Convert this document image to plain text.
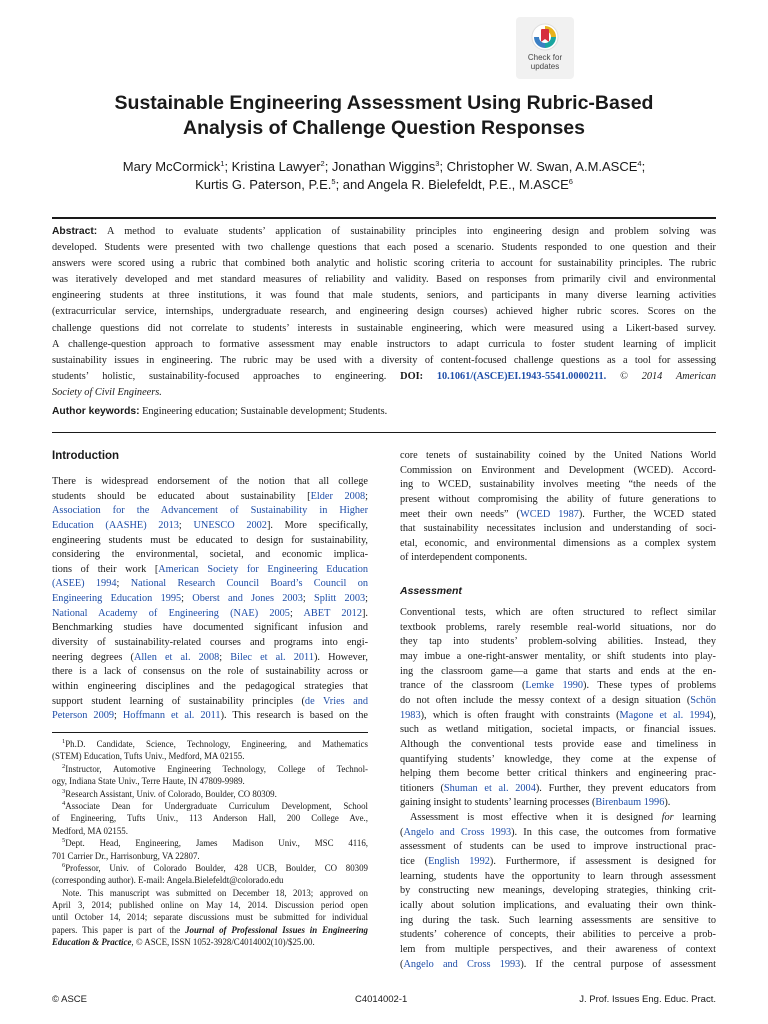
Check for
updates
Sustainable Engineering Assessment Using Rubric-Based
Analysis of Challenge Question Responses
Mary McCormick$^1$; Kristina Lawyer$^2$; Jonathan Wiggins$^3$; Christopher W. Swan, A.M.ASCE$^4$;
Kurtis G. Paterson, P.E.$^5$; and Angela R. Bielefeldt, P.E., M.ASCE$^6$
Abstract: A method to evaluate students’ application of sustainability principles into engineering design and problem solving was
developed. Students were presented with two challenge questions that each posed a scenario. Students responded to one question and their
answers were scored using a rubric that combined both analytic and holistic scoring criteria to account for sustainability principles. The rubric
was iteratively developed and met standard measures of reliability and validity. Based on responses from primarily civil and environmental
engineering students at three institutions, it was found that male students, seniors, and participants in many diverse learning activities
(extracurricular service, internships, undergraduate research, and engineering design courses) achieved higher rubric scores. Scores on the
challenge questions did not correlate to students’ interests in sustainable engineering, which were measured using a Likert-based survey.
A challenge-question approach to formative assessment may enable instructors to adapt curricula to foster student learning of implicit
sustainability issues in engineering. The rubric may be used with a diversity of content-focused challenge questions as a tool for assessing
students’ holistic, sustainability-focused approaches to engineering. DOI: 10.1061/(ASCE)EI.1943-5541.0000211. © 2014 American
Society of Civil Engineers.
Author keywords: Engineering education; Sustainable development; Students.
Introduction
There is widespread endorsement of the notion that all college
students should be educated about sustainability [Elder 2008;
Association for the Advancement of Sustainability in Higher
Education (AASHE) 2013; UNESCO 2002]. More specifically,
engineering students must be educated to design for sustainability,
considering the environmental, societal, and economic implica-
tions of their work [American Society for Engineering Education
(ASEE) 1994; National Research Council Board’s Council on
Engineering Education 1995; Oberst and Jones 2003; Splitt 2003;
National Academy of Engineering (NAE) 2005; ABET 2012].
Benchmarking studies have documented significant infusion and
diversity of sustainability-related courses and programs into engi-
neering degrees (Allen et al. 2008; Bilec et al. 2011). However,
there is a lack of consensus on the role of sustainability across or
within engineering disciplines and the pedagogical strategies that
support student learning of sustainability principles (de Vries and
Peterson 2009; Hoffmann et al. 2011). This research is based on the
$^1$Ph.D. Candidate, Science, Technology, Engineering, and Mathematics
(STEM) Education, Tufts Univ., Medford, MA 02155.
$^2$Instructor, Automotive Engineering Technology, College of Technol-
ogy, Indiana State Univ., Terre Haute, IN 47809-9989.
$^3$Research Assistant, Univ. of Colorado, Boulder, CO 80309.
$^4$Associate Dean for Undergraduate Curriculum Development, School
of Engineering, Tufts Univ., 113 Anderson Hall, 200 College Ave.,
Medford, MA 02155.
$^5$Dept. Head, Engineering, James Madison Univ., MSC 4116,
701 Carrier Dr., Harrisonburg, VA 22807.
$^6$Professor, Univ. of Colorado Boulder, 428 UCB, Boulder, CO 80309
(corresponding author). E-mail: Angela.Bielefeldt@colorado.edu
Note. This manuscript was submitted on December 18, 2013; approved on
April 3, 2014; published online on May 14, 2014. Discussion period open
until October 14, 2014; separate discussions must be submitted for individual
papers. This paper is part of the Journal of Professional Issues in Engineering
Education & Practice, © ASCE, ISSN 1052-3928/C4014002(10)/$25.00.
core tenets of sustainability coined by the United Nations World
Commission on Environment and Development (WCED). Accord-
ing to WCED, sustainability involves meeting “the needs of the
present without compromising the ability of future generations to
meet their own needs” (WCED 1987). Further, the WCED stated
that sustainability necessitates inclusion and understanding of soci-
etal, economic, and environmental dimensions as a complex system
of interdependent components.
Assessment
Conventional tests, which are often structured to reflect similar
textbook problems, rarely resemble real-world situations, nor do
they tap into students’ problem-solving abilities. Instead, they
may imbue a one-right-answer mentality, or shift students into play-
ing the classroom game—a game that starts and ends at the en-
trance of the classroom (Lemke 1990). These types of problems
do not often include the messy context of a design situation (Schön
1983), which is often fraught with constraints (Magone et al. 1994),
such as wetland mitigation, societal impacts, or financial issues.
Although the conventional tests provide ease and timeliness in
quantifying students’ knowledge, they come at the expense of
helping them become better critical thinkers and engineering prac-
titioners (Shuman et al. 2004). Further, they prevent educators from
gaining insight to students’ learning processes (Birenbaum 1996).
Assessment is most effective when it is designed for learning
(Angelo and Cross 1993). In this case, the outcomes from formative
assessment of students can be used to improve instructional prac-
tice (English 1992). Furthermore, if assessment is designed for
learning, students have the opportunity to learn through assessment
by constructing new meanings, developing strategies, thinking crit-
ically about solution implications, and evaluating their own think-
ing during the task. Such learning assessments are sensitive to
students’ coherence of concepts, their abilities to perceive a prob-
lem from multiple perspectives, and their awareness of context
(Angelo and Cross 1993). If the central purpose of assessment
© ASCE	C4014002-1	J. Prof. Issues Eng. Educ. Pract.
